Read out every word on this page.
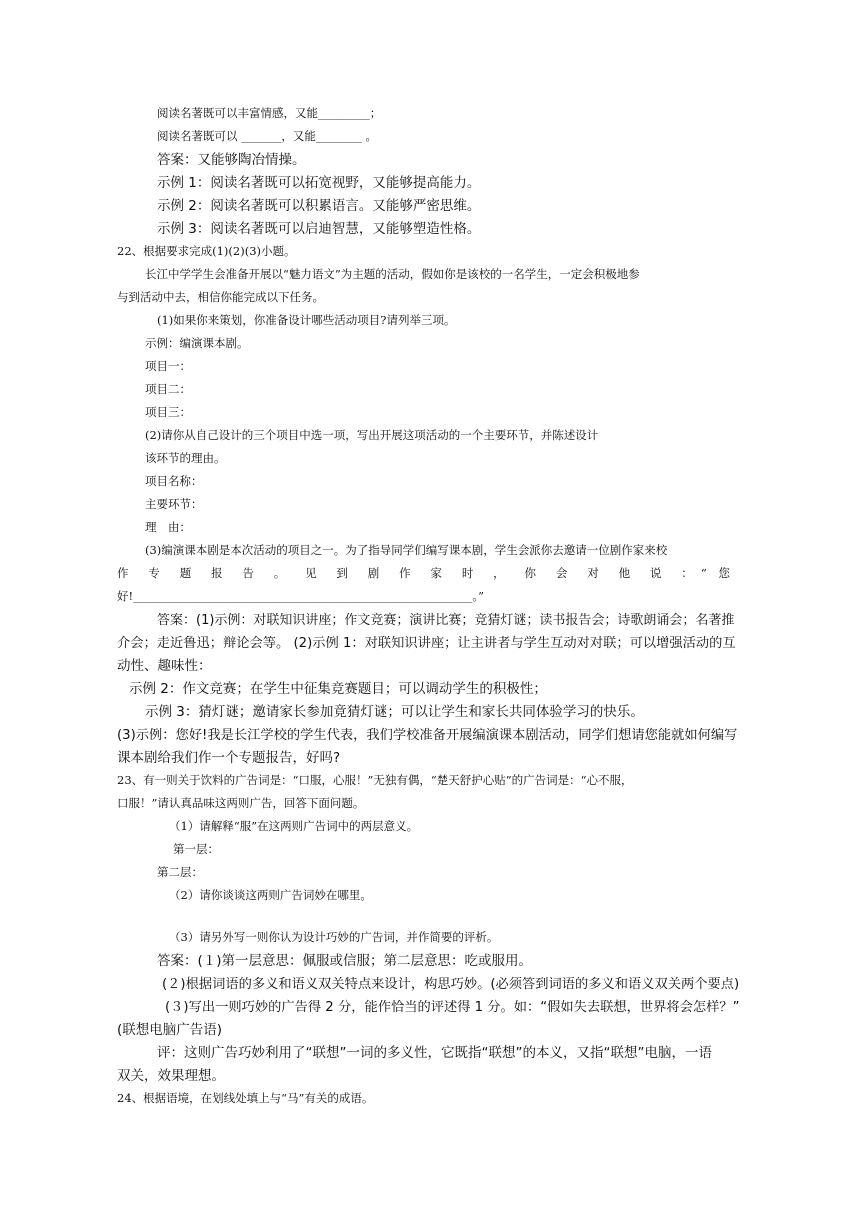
阅读名著既可以丰富情感，又能_________；
阅读名著既可以 _______，又能________ 。
答案：又能够陶冶情操。
示例 1：阅读名著既可以拓宽视野，又能够提高能力。
示例 2：阅读名著既可以积累语言。又能够严密思维。
示例 3：阅读名著既可以启迪智慧，又能够塑造性格。
22、根据要求完成(1)(2)(3)小题。
长江中学学生会准备开展以“魅力语文”为主题的活动，假如你是该校的一名学生，一定会积极地参
与到活动中去，相信你能完成以下任务。
(1)如果你来策划，你准备设计哪些活动项目?请列举三项。
示例：编演课本剧。
项目一：
项目二：
项目三：
(2)请你从自己设计的三个项目中选一项，写出开展这项活动的一个主要环节，并陈述设计
该环节的理由。
项目名称：
主要环节：
理　由：
(3)编演课本剧是本次活动的项目之一。为了指导同学们编写课本剧，学生会派你去邀请一位剧作家来校
作 专 题 报 告 。 见 到 剧 作 家 时 ， 你 会 对 他 说 ：“ 您
好!___________________________________________________________。”
答案：(1)示例：对联知识讲座；作文竞赛；演讲比赛；竞猜灯谜；读书报告会；诗歌朗诵会；名著推
介会；走近鲁迅；辩论会等。 (2)示例 1：对联知识讲座；让主讲者与学生互动对对联；可以增强活动的互
动性、趣味性：
示例 2：作文竞赛；在学生中征集竞赛题目；可以调动学生的积极性；
示例 3：猜灯谜；邀请家长参加竟猜灯谜；可以让学生和家长共同体验学习的快乐。
(3)示例：您好!我是长江学校的学生代表，我们学校准备开展编演课本剧活动，同学们想请您能就如何编写
课本剧给我们作一个专题报告，好吗?
23、有一则关于饮料的广告词是：“口服，心服！”无独有偶，“楚天舒护心贴”的广告词是：“心不服，
口服！”请认真品味这两则广告，回答下面问题。
（1）请解释“服”在这两则广告词中的两层意义。
第一层：
第二层：
（2）请你谈谈这两则广告词妙在哪里。
（3）请另外写一则你认为设计巧妙的广告词，并作简要的评析。
答案：(１)第一层意思：佩服或信服；第二层意思：吃或服用。
(２)根据词语的多义和语义双关特点来设计，构思巧妙。(必须答到词语的多义和语义双关两个要点)
(３)写出一则巧妙的广告得 2 分，能作恰当的评述得 1 分。如：“假如失去联想，世界将会怎样？”
(联想电脑广告语)
评：这则广告巧妙利用了“联想”一词的多义性，它既指“联想”的本义，又指“联想”电脑，一语
双关，效果理想。
24、根据语境，在划线处填上与“马”有关的成语。
